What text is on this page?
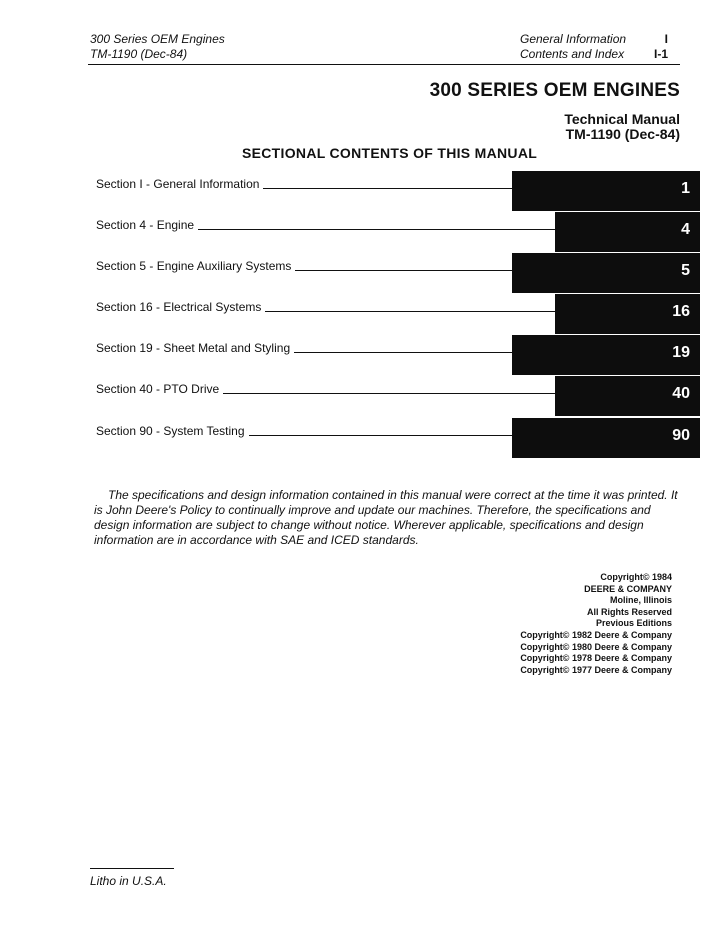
300 Series OEM Engines
TM-1190 (Dec-84)
General Information
Contents and Index
I
I-1
300 SERIES OEM ENGINES
Technical Manual
TM-1190 (Dec-84)
SECTIONAL CONTENTS OF THIS MANUAL
Section I - General Information	1
Section 4 - Engine	4
Section 5 - Engine Auxiliary Systems	5
Section 16 - Electrical Systems	16
Section 19 - Sheet Metal and Styling	19
Section 40 - PTO Drive	40
Section 90 - System Testing	90
The specifications and design information contained in this manual were correct at the time it was printed. It is John Deere's Policy to continually improve and update our machines. Therefore, the specifications and design information are subject to change without notice. Wherever applicable, specifications and design information are in accordance with SAE and ICED standards.
Copyright© 1984
DEERE & COMPANY
Moline, Illinois
All Rights Reserved
Previous Editions
Copyright© 1982 Deere & Company
Copyright© 1980 Deere & Company
Copyright© 1978 Deere & Company
Copyright© 1977 Deere & Company
Litho in U.S.A.
